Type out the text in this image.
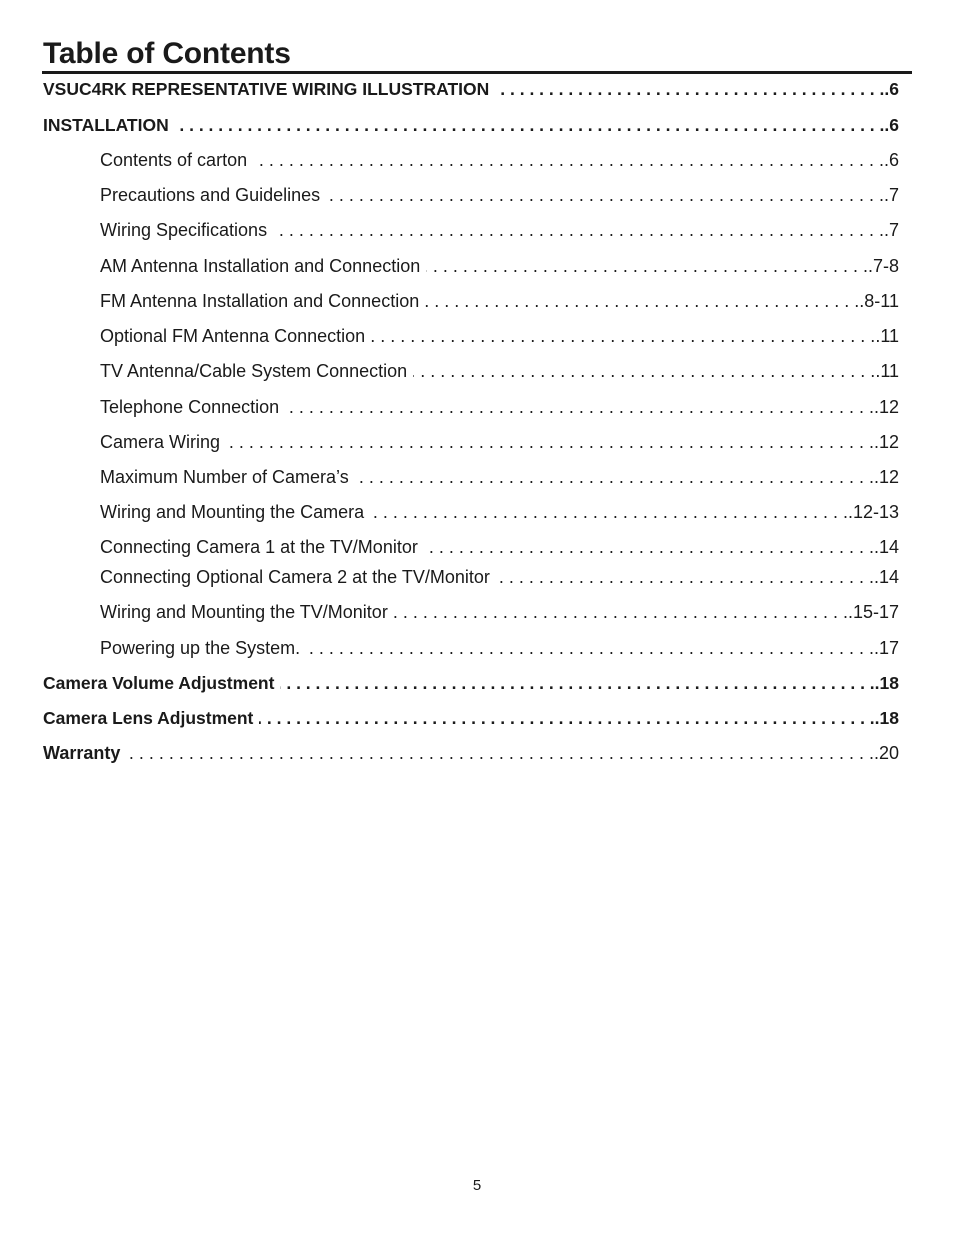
Table of Contents
VSUC4RK REPRESENTATIVE WIRING ILLUSTRATION . . .	.6
INSTALLATION . . .	.6
Contents of carton . . .	.6
Precautions and Guidelines . . .	.7
Wiring Specifications . . .	.7
AM Antenna Installation and Connection . . .	.7-8
FM Antenna Installation and Connection . . .	.8-11
Optional FM Antenna Connection . . .	.11
TV Antenna/Cable System Connection . . .	.11
Telephone Connection . . .	.12
Camera Wiring . . .	.12
Maximum Number of Camera’s . . .	.12
Wiring and Mounting the Camera . . .	.12-13
Connecting Camera 1 at the TV/Monitor . . .	.14
Connecting Optional Camera 2 at the TV/Monitor . . .	.14
Wiring and Mounting the TV/Monitor . . .	.15-17
Powering up the System. . . .	.17
Camera Volume Adjustment . . .	.18
Camera Lens Adjustment . . .	.18
Warranty . . .	.20
5
